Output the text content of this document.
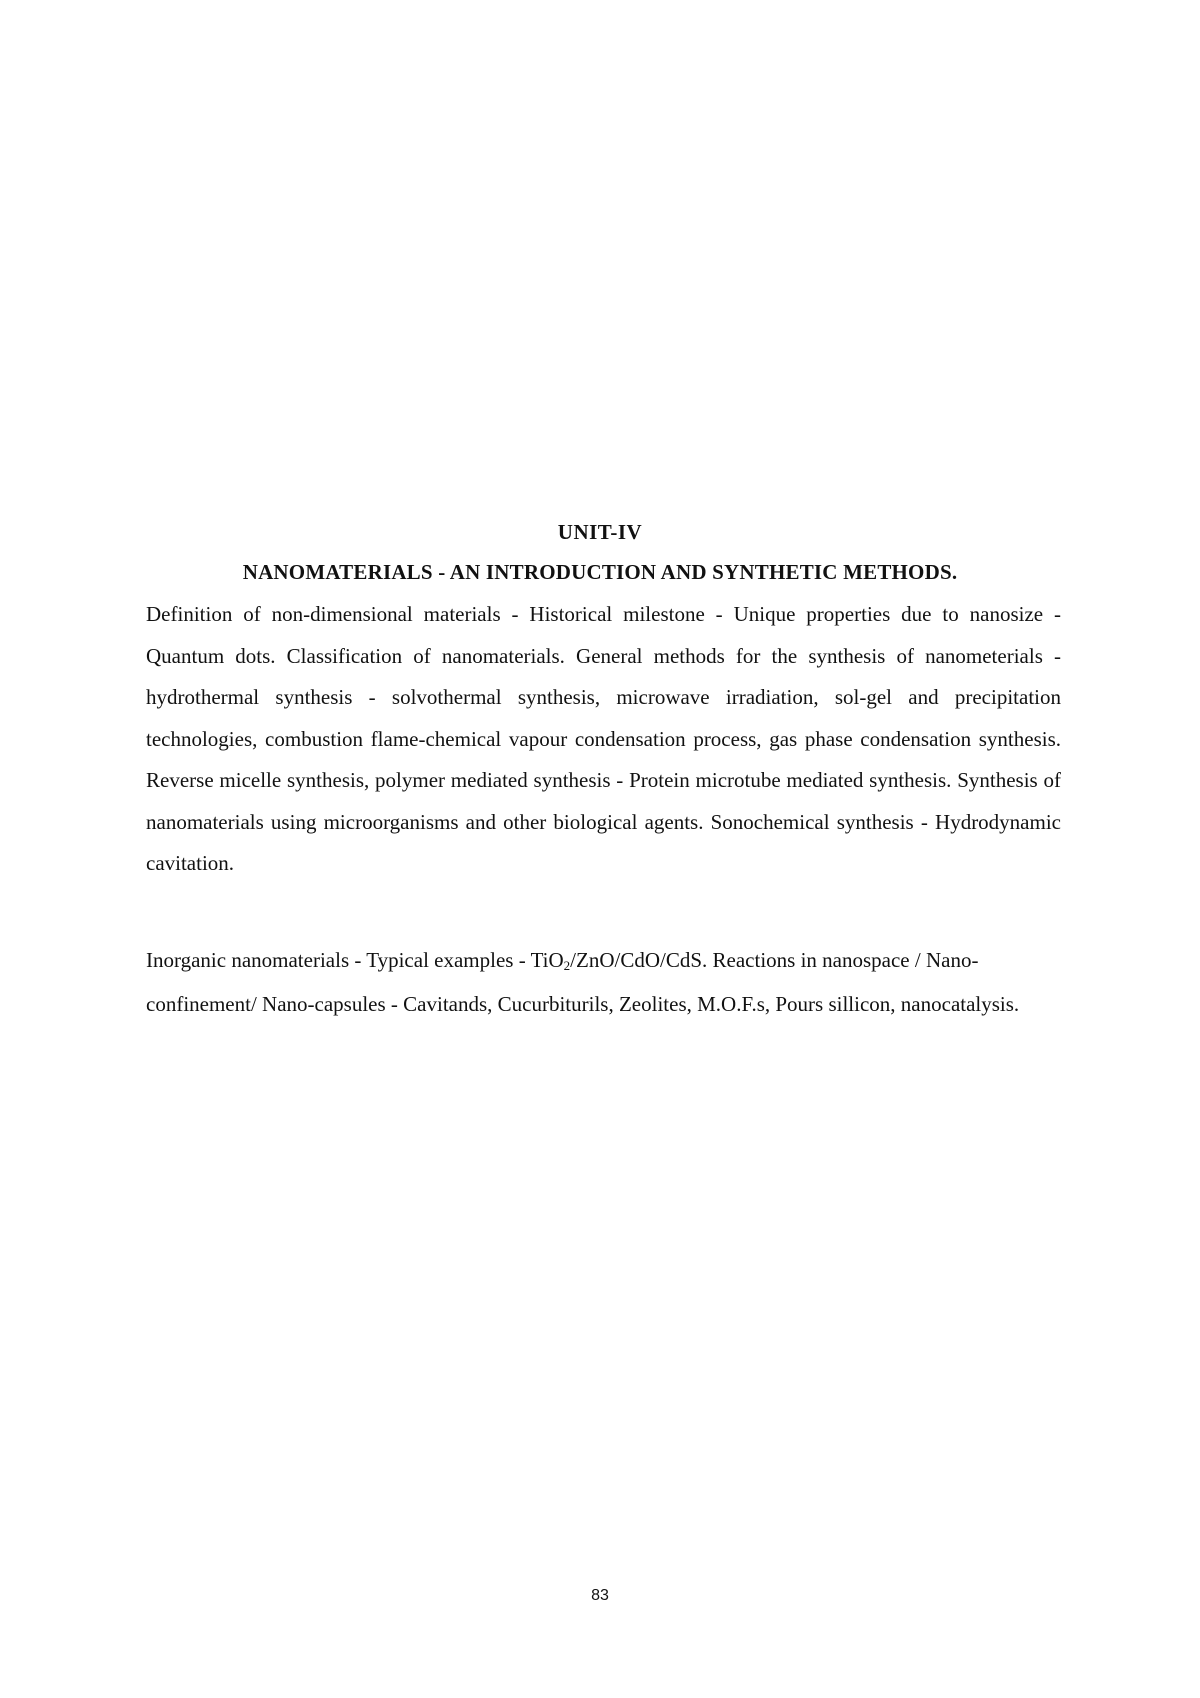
UNIT-IV
NANOMATERIALS - AN INTRODUCTION AND SYNTHETIC METHODS.

Definition of non-dimensional materials - Historical milestone - Unique properties due to nanosize - Quantum dots. Classification of nanomaterials. General methods for the synthesis of nanometerials - hydrothermal synthesis - solvothermal synthesis, microwave irradiation, sol-gel and precipitation technologies, combustion flame-chemical vapour condensation process, gas phase condensation synthesis. Reverse micelle synthesis, polymer mediated synthesis - Protein microtube mediated synthesis. Synthesis of nanomaterials using microorganisms and other biological agents. Sonochemical synthesis - Hydrodynamic cavitation.

Inorganic nanomaterials - Typical examples - TiO$_2$/ZnO/CdO/CdS. Reactions in nanospace / Nano-confinement/ Nano-capsules - Cavitands, Cucurbiturils, Zeolites, M.O.F.s, Pours sillicon, nanocatalysis.

83
